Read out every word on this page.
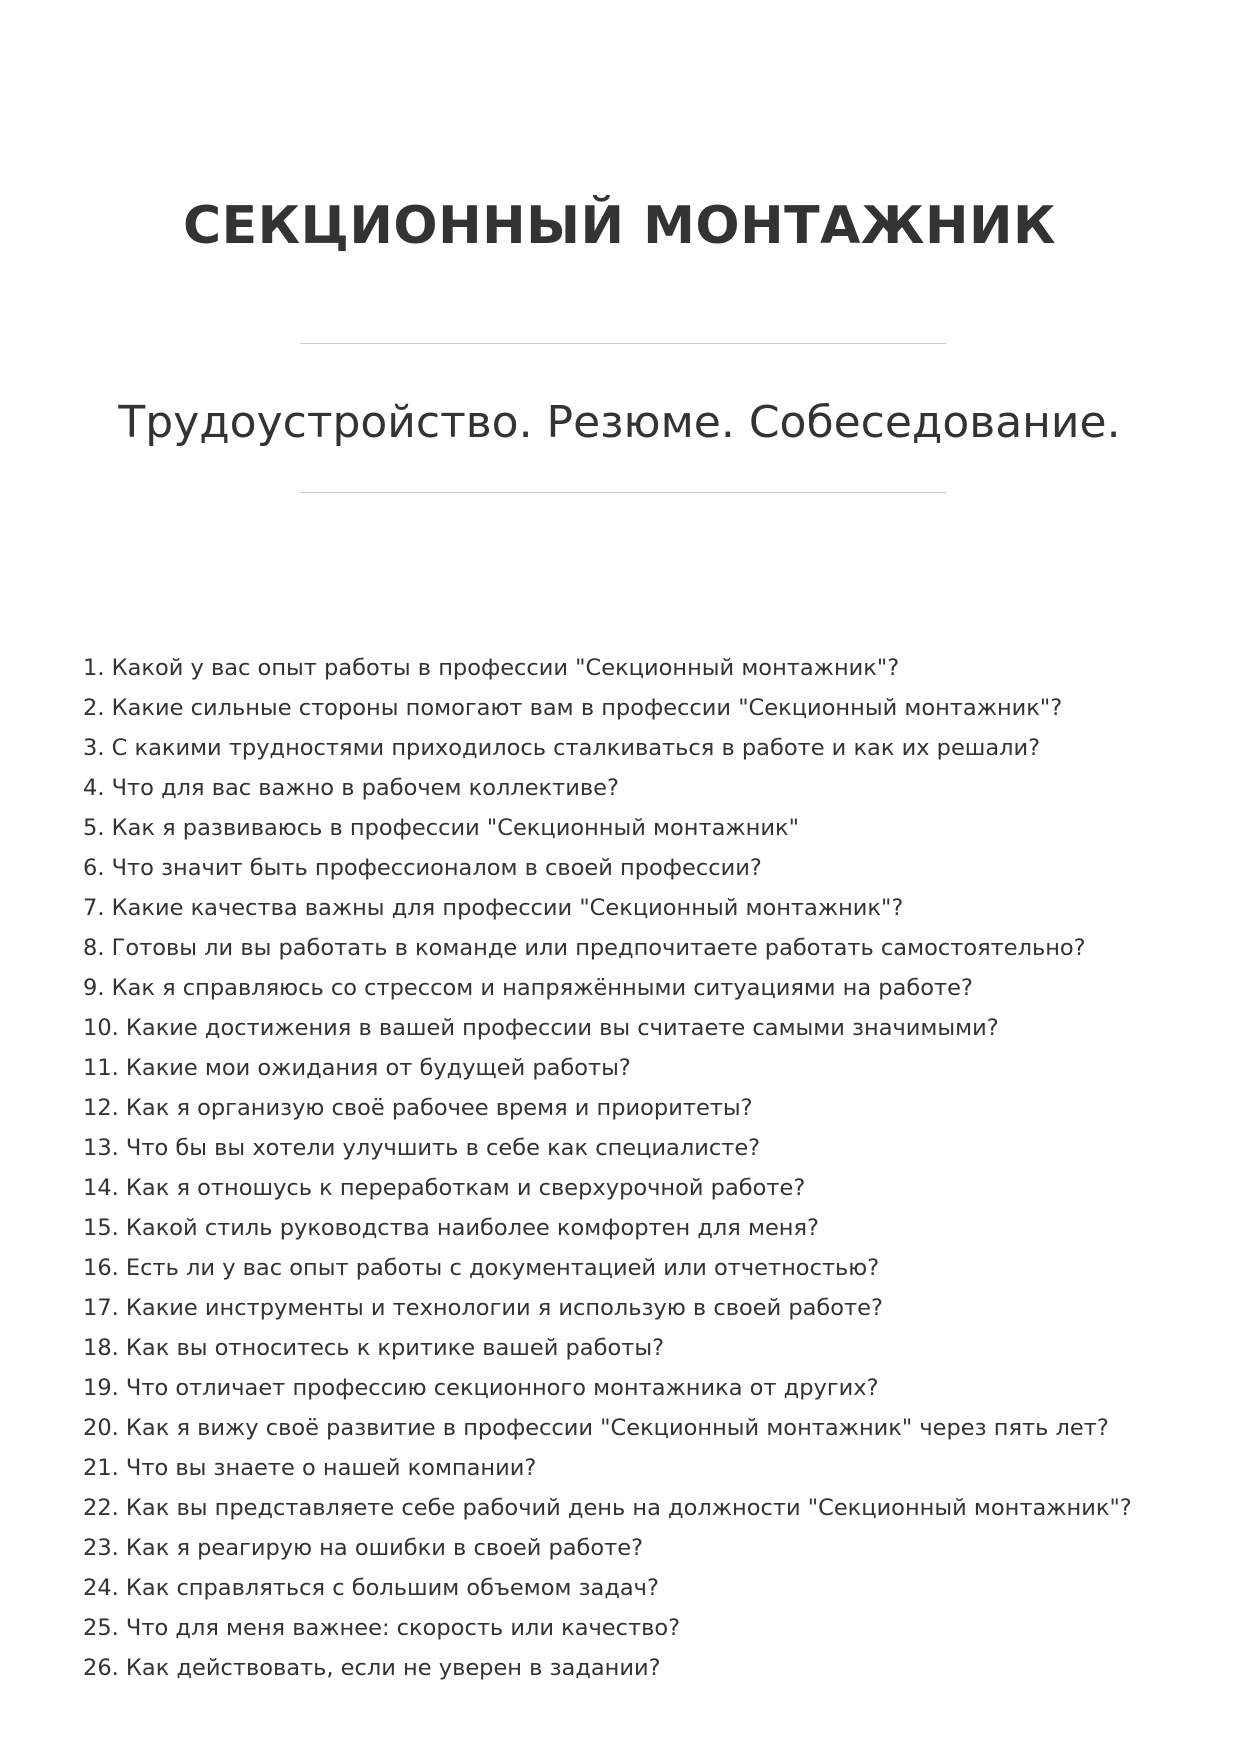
СЕКЦИОННЫЙ МОНТАЖНИК
Трудоустройство. Резюме. Собеседование.
1. Какой у вас опыт работы в профессии "Секционный монтажник"?
2. Какие сильные стороны помогают вам в профессии "Секционный монтажник"?
3. С какими трудностями приходилось сталкиваться в работе и как их решали?
4. Что для вас важно в рабочем коллективе?
5. Как я развиваюсь в профессии "Секционный монтажник"
6. Что значит быть профессионалом в своей профессии?
7. Какие качества важны для профессии "Секционный монтажник"?
8. Готовы ли вы работать в команде или предпочитаете работать самостоятельно?
9. Как я справляюсь со стрессом и напряжёнными ситуациями на работе?
10. Какие достижения в вашей профессии вы считаете самыми значимыми?
11. Какие мои ожидания от будущей работы?
12. Как я организую своё рабочее время и приоритеты?
13. Что бы вы хотели улучшить в себе как специалисте?
14. Как я отношусь к переработкам и сверхурочной работе?
15. Какой стиль руководства наиболее комфортен для меня?
16. Есть ли у вас опыт работы с документацией или отчетностью?
17. Какие инструменты и технологии я использую в своей работе?
18. Как вы относитесь к критике вашей работы?
19. Что отличает профессию секционного монтажника от других?
20. Как я вижу своё развитие в профессии "Секционный монтажник" через пять лет?
21. Что вы знаете о нашей компании?
22. Как вы представляете себе рабочий день на должности "Секционный монтажник"?
23. Как я реагирую на ошибки в своей работе?
24. Как справляться с большим объемом задач?
25. Что для меня важнее: скорость или качество?
26. Как действовать, если не уверен в задании?
